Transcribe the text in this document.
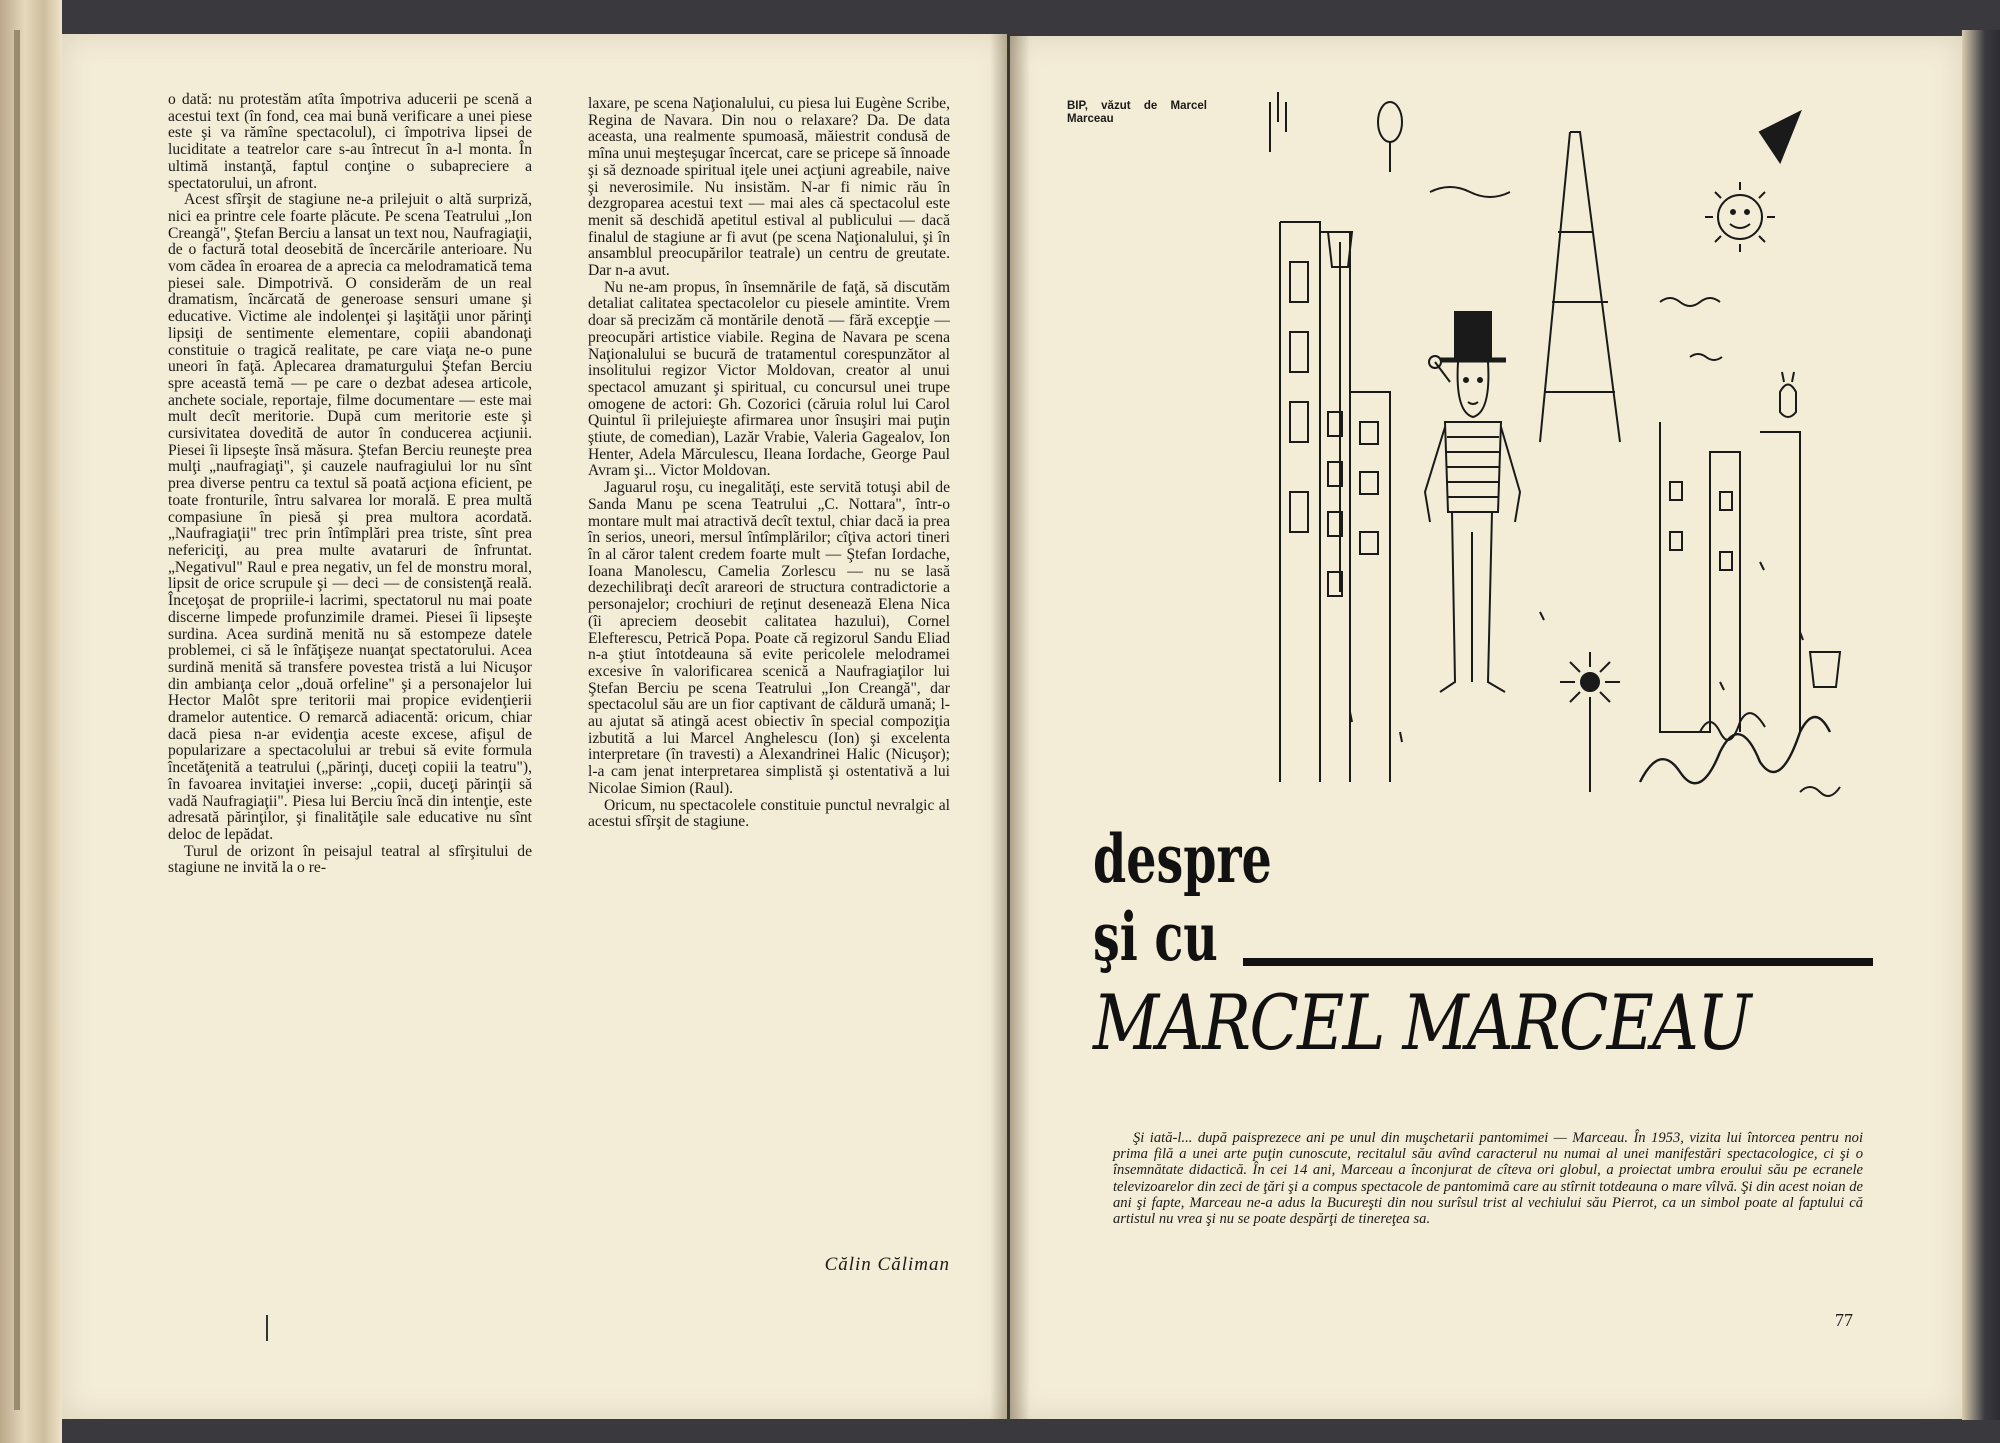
o dată: nu protestăm atîta împotriva aducerii pe scenă a acestui text (în fond, cea mai bună verificare a unei piese este şi va rămîne spectacolul), ci împotriva lipsei de luciditate a teatrelor care s-au întrecut în a-l monta. În ultimă instanţă, faptul conţine o subapreciere a spectatorului, un afront.

Acest sfîrşit de stagiune ne-a prilejuit o altă surpriză, nici ea printre cele foarte plăcute. Pe scena Teatrului „Ion Creangă", Ştefan Berciu a lansat un text nou, Naufragiaţii, de o factură total deosebită de încercările anterioare. Nu vom cădea în eroarea de a aprecia ca melodramatică tema piesei sale. Dimpotrivă. O considerăm de un real dramatism, încărcată de generoase sensuri umane şi educative. Victime ale indolenţei şi laşităţii unor părinţi lipsiţi de sentimente elementare, copiii abandonaţi constituie o tragică realitate, pe care viaţa ne-o pune uneori în faţă. Aplecarea dramaturgului Ştefan Berciu spre această temă — pe care o dezbat adesea articole, anchete sociale, reportaje, filme documentare — este mai mult decît meritorie. După cum meritorie este şi cursivitatea dovedită de autor în conducerea acţiunii. Piesei îi lipseşte însă măsura. Ştefan Berciu reuneşte prea mulţi „naufragiaţi", şi cauzele naufragiului lor nu sînt prea diverse pentru ca textul să poată acţiona eficient, pe toate fronturile, întru salvarea lor morală. E prea multă compasiune în piesă şi prea multora acordată. „Naufragiaţii" trec prin întîmplări prea triste, sînt prea nefericiţi, au prea multe avataruri de înfruntat. „Negativul" Raul e prea negativ, un fel de monstru moral, lipsit de orice scrupule şi — deci — de consistenţă reală. Înceţoşat de propriile-i lacrimi, spectatorul nu mai poate discerne limpede profunzimile dramei. Piesei îi lipseşte surdina. Acea surdină menită nu să estompeze datele problemei, ci să le înfăţişeze nuanţat spectatorului. Acea surdină menită să transfere povestea tristă a lui Nicuşor din ambianţa celor „două orfeline" şi a personajelor lui Hector Malôt spre teritorii mai propice evidenţierii dramelor autentice. O remarcă adiacentă: oricum, chiar dacă piesa n-ar evidenţia aceste excese, afişul de popularizare a spectacolului ar trebui să evite formula încetăţenită a teatrului („părinţi, duceţi copiii la teatru"), în favoarea invitaţiei inverse: „copii, duceţi părinţii să vadă Naufragiaţii". Piesa lui Berciu încă din intenţie, este adresată părinţilor, şi finalităţile sale educative nu sînt deloc de lepădat.

Turul de orizont în peisajul teatral al sfîrşitului de stagiune ne invită la o re-

laxare, pe scena Naţionalului, cu piesa lui Eugène Scribe, Regina de Navara. Din nou o relaxare? Da. De data aceasta, una realmente spumoasă, măiestrit condusă de mîna unui meşteşugar încercat, care se pricepe să înnoade şi să deznoade spiritual iţele unei acţiuni agreabile, naive şi neverosimile. Nu insistăm. N-ar fi nimic rău în dezgroparea acestui text — mai ales că spectacolul este menit să deschidă apetitul estival al publicului — dacă finalul de stagiune ar fi avut (pe scena Naţionalului, şi în ansamblul preocupărilor teatrale) un centru de greutate. Dar n-a avut.

Nu ne-am propus, în însemnările de faţă, să discutăm detaliat calitatea spectacolelor cu piesele amintite. Vrem doar să precizăm că montările denotă — fără excepţie — preocupări artistice viabile. Regina de Navara pe scena Naţionalului se bucură de tratamentul corespunzător al insolitului regizor Victor Moldovan, creator al unui spectacol amuzant şi spiritual, cu concursul unei trupe omogene de actori: Gh. Cozorici (căruia rolul lui Carol Quintul îi prilejuieşte afirmarea unor însuşiri mai puţin ştiute, de comedian), Lazăr Vrabie, Valeria Gagealov, Ion Henter, Adela Mărculescu, Ileana Iordache, George Paul Avram şi... Victor Moldovan.

Jaguarul roşu, cu inegalităţi, este servită totuşi abil de Sanda Manu pe scena Teatrului „C. Nottara", într-o montare mult mai atractivă decît textul, chiar dacă ia prea în serios, uneori, mersul întîmplărilor; cîţiva actori tineri în al căror talent credem foarte mult — Ştefan Iordache, Ioana Manolescu, Camelia Zorlescu — nu se lasă dezechilibraţi decît arareori de structura contradictorie a personajelor; crochiuri de reţinut desenează Elena Nica (îi apreciem deosebit calitatea hazului), Cornel Elefterescu, Petrică Popa. Poate că regizorul Sandu Eliad n-a ştiut întotdeauna să evite pericolele melodramei excesive în valorificarea scenică a Naufragiaţilor lui Ştefan Berciu pe scena Teatrului „Ion Creangă", dar spectacolul său are un fior captivant de căldură umană; l-au ajutat să atingă acest obiectiv în special compoziţia izbutită a lui Marcel Anghelescu (Ion) şi excelenta interpretare (în travesti) a Alexandrinei Halic (Nicuşor); l-a cam jenat interpretarea simplistă şi ostentativă a lui Nicolae Simion (Raul).

Oricum, nu spectacolele constituie punctul nevralgic al acestui sfîrşit de stagiune.

Călin Căliman
BIP, văzut de Marcel Marceau
despre
şi cu
MARCEL MARCEAU

Şi iată-l... după paisprezece ani pe unul din muşchetarii pantomimei — Marceau. În 1953, vizita lui întorcea pentru noi prima filă a unei arte puţin cunoscute, recitalul său avînd caracterul nu numai al unei manifestări spectacologice, ci şi o însemnătate didactică. În cei 14 ani, Marceau a înconjurat de cîteva ori globul, a proiectat umbra eroului său pe ecranele televizoarelor din zeci de ţări şi a compus spectacole de pantomimă care au stîrnit totdeauna o mare vîlvă. Şi din acest noian de ani şi fapte, Marceau ne-a adus la Bucureşti din nou surîsul trist al vechiului său Pierrot, ca un simbol poate al faptului că artistul nu vrea şi nu se poate despărţi de tinereţea sa.

77
